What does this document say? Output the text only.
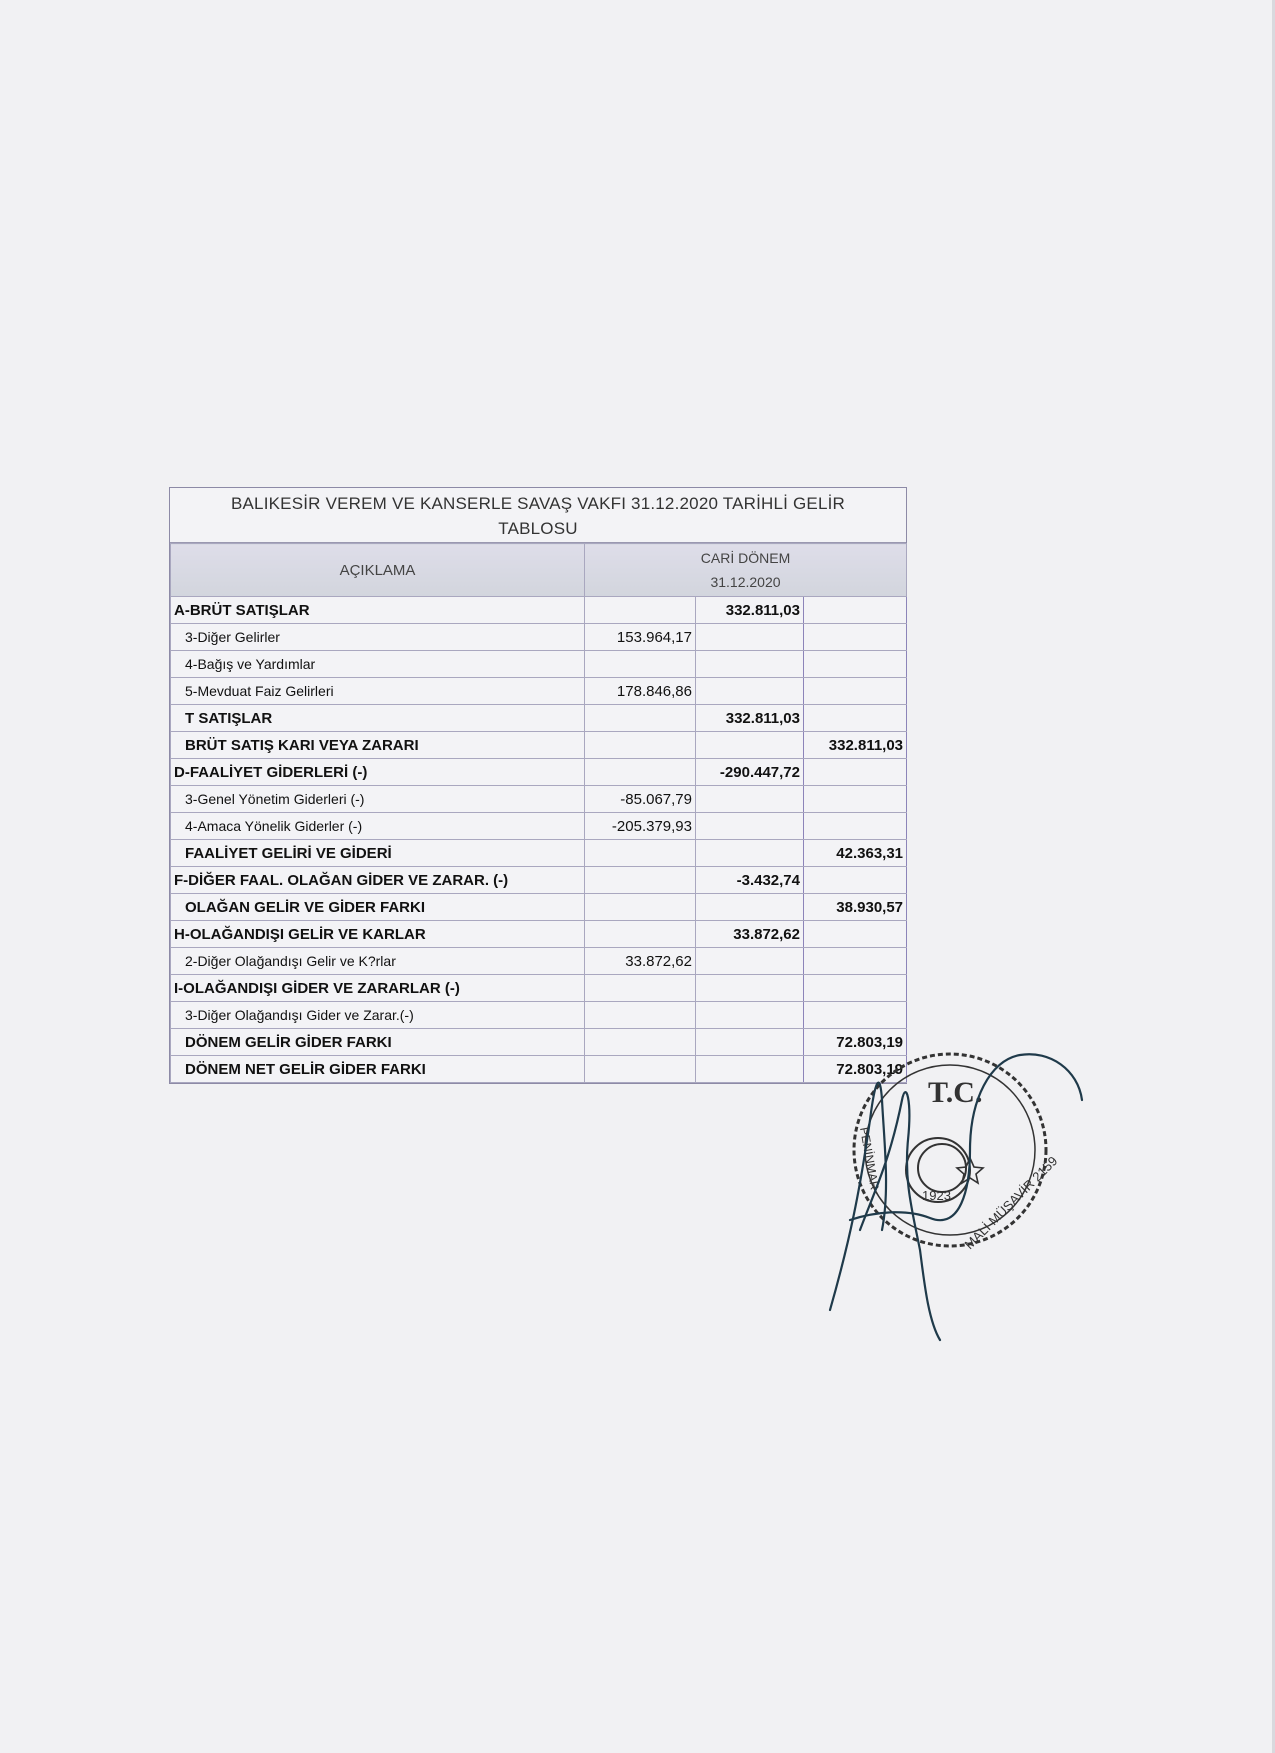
BALIKESİR VEREM VE KANSERLE SAVAŞ VAKFI 31.12.2020 TARİHLİ GELİR
TABLOSU
AÇIKLAMA	CARİ DÖNEM
31.12.2020		

A-BRÜT SATIŞLAR		332.811,03	
3-Diğer Gelirler	153.964,17		
4-Bağış ve Yardımlar			
5-Mevduat Faiz Gelirleri	178.846,86		
T SATIŞLAR		332.811,03	
BRÜT SATIŞ KARI VEYA ZARARI			332.811,03
D-FAALİYET GİDERLERİ (-)		-290.447,72	
3-Genel Yönetim Giderleri (-)	-85.067,79		
4-Amaca Yönelik Giderler (-)	-205.379,93		
FAALİYET GELİRİ VE GİDERİ			42.363,31
F-DİĞER FAAL. OLAĞAN GİDER VE ZARAR. (-)		-3.432,74	
OLAĞAN GELİR VE GİDER FARKI			38.930,57
H-OLAĞANDIŞI GELİR VE KARLAR		33.872,62	
2-Diğer Olağandışı Gelir ve K?rlar	33.872,62		
I-OLAĞANDIŞI GİDER VE ZARARLAR (-)			
3-Diğer Olağandışı Gider ve Zarar.(-)			
DÖNEM GELİR GİDER FARKI			72.803,19
DÖNEM NET GELİR GİDER FARKI			72.803,19
T.C.
1923 MALİ MÜŞAVİR 2159
PENİNMAR
